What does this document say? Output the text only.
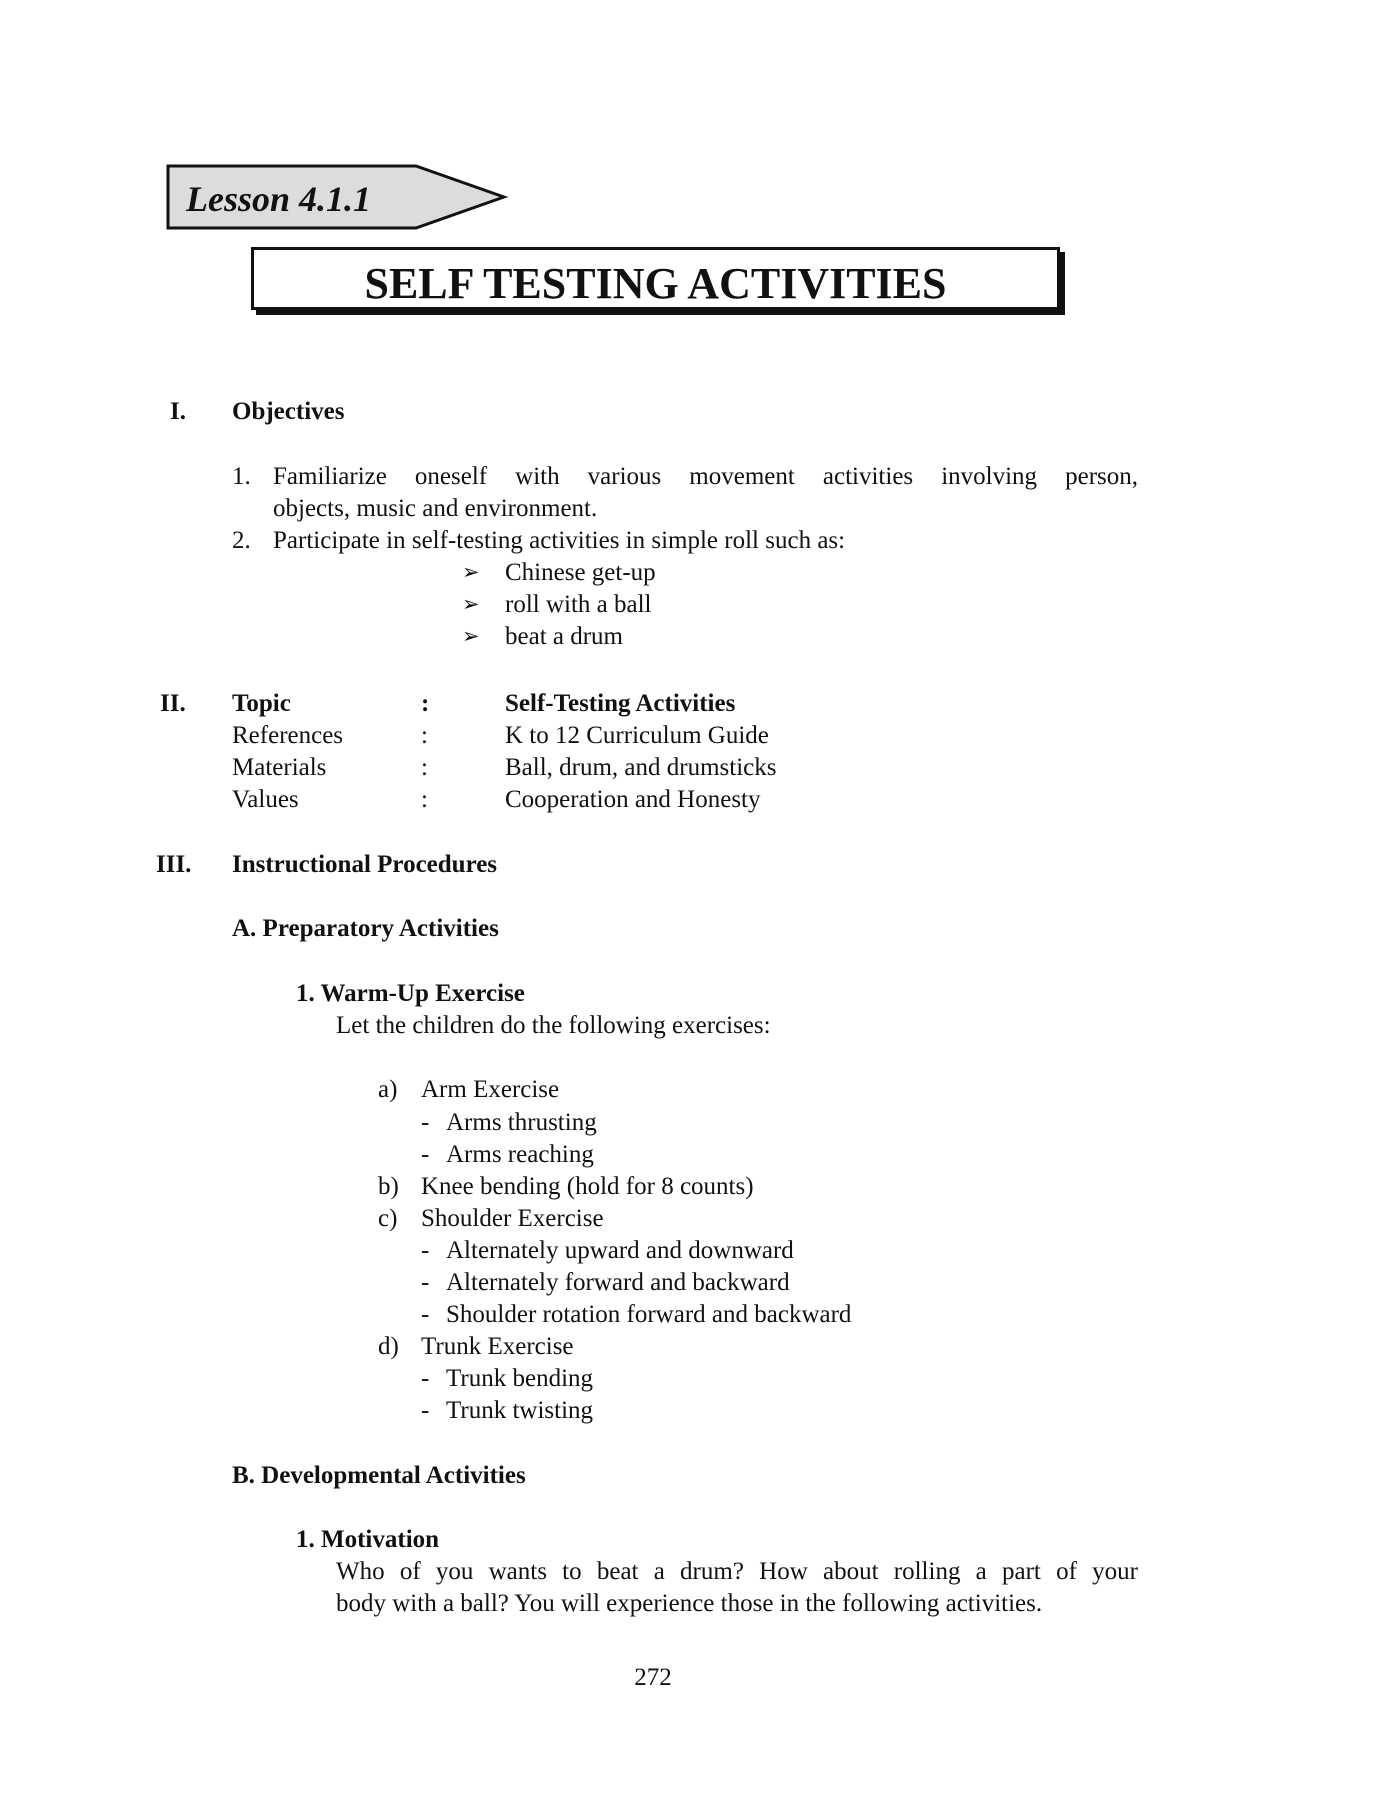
Lesson 4.1.1
SELF TESTING ACTIVITIES
I. Objectives
1. Familiarize oneself with various movement activities involving person,
objects, music and environment.
2. Participate in self-testing activities in simple roll such as:
➢ Chinese get-up
➢ roll with a ball
➢ beat a drum
II. Topic	:	Self-Testing Activities
References	:	K to 12 Curriculum Guide
Materials	:	Ball, drum, and drumsticks
Values	:	Cooperation and Honesty
III. Instructional Procedures
A. Preparatory Activities
1. Warm-Up Exercise
Let the children do the following exercises:
a) Arm Exercise
- Arms thrusting
- Arms reaching
b) Knee bending (hold for 8 counts)
c) Shoulder Exercise
- Alternately upward and downward
- Alternately forward and backward
- Shoulder rotation forward and backward
d) Trunk Exercise
- Trunk bending
- Trunk twisting
B. Developmental Activities
1. Motivation
Who of you wants to beat a drum? How about rolling a part of your
body with a ball? You will experience those in the following activities.
272
